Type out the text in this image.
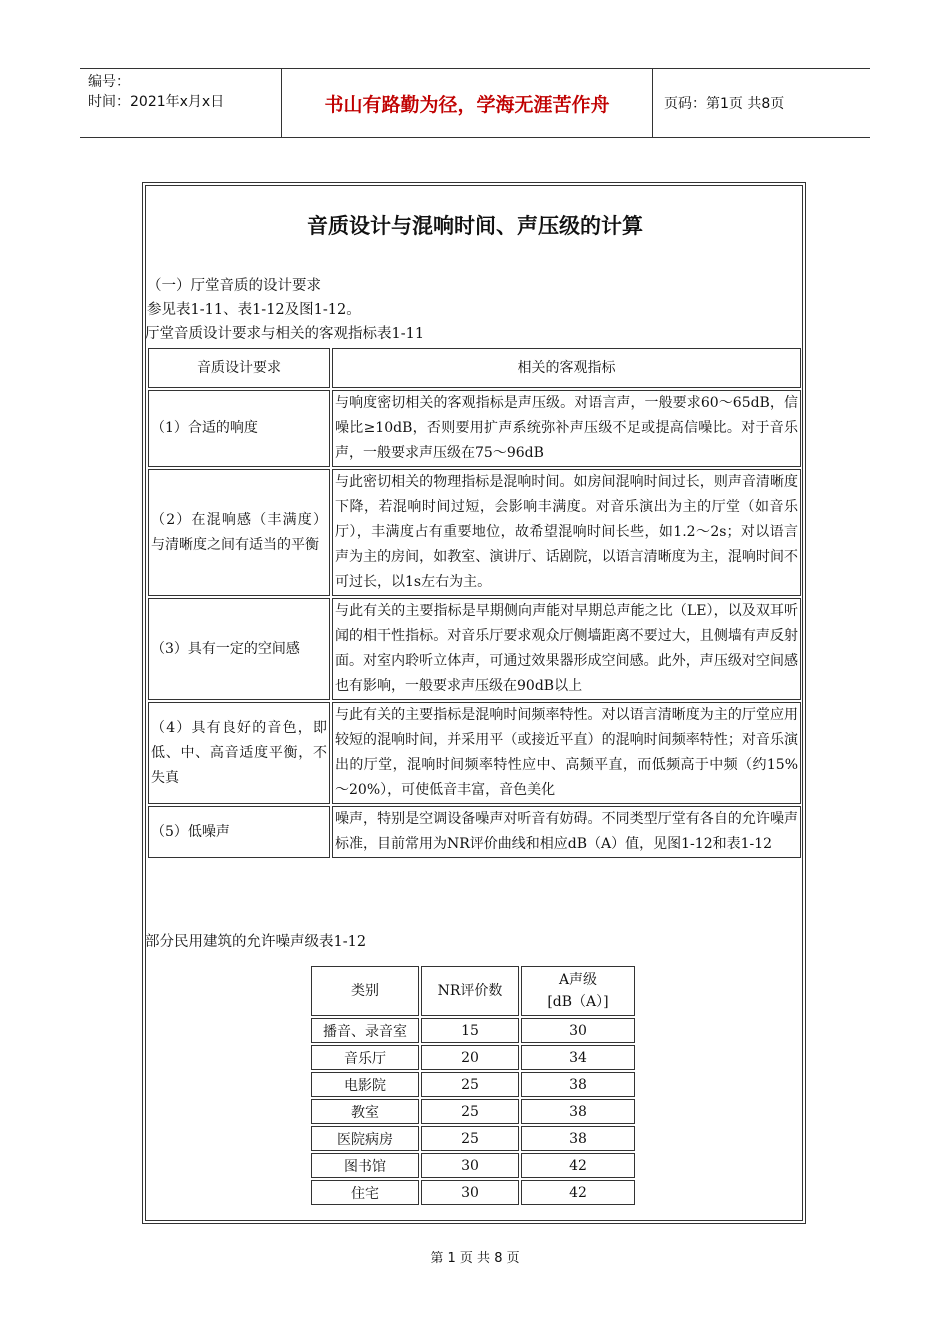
编号：
时间：2021年x月x日	书山有路勤为径，学海无涯苦作舟	页码：第1页 共8页
音质设计与混响时间、声压级的计算
（一）厅堂音质的设计要求
参见表1-11、表1-12及图1-12。
厅堂音质设计要求与相关的客观指标表1-11
音质设计要求	相关的客观指标
（1）合适的响度	与响度密切相关的客观指标是声压级。对语言声，一般要求60～65dB，信噪比≥10dB，否则要用扩声系统弥补声压级不足或提高信噪比。对于音乐声，一般要求声压级在75～96dB
（2）在混响感（丰满度）与清晰度之间有适当的平衡	与此密切相关的物理指标是混响时间。如房间混响时间过长，则声音清晰度下降，若混响时间过短，会影响丰满度。对音乐演出为主的厅堂（如音乐厅），丰满度占有重要地位，故希望混响时间长些，如1.2～2s；对以语言声为主的房间，如教室、演讲厅、话剧院，以语言清晰度为主，混响时间不可过长，以1s左右为主。
（3）具有一定的空间感	与此有关的主要指标是早期侧向声能对早期总声能之比（LE），以及双耳听闻的相干性指标。对音乐厅要求观众厅侧墙距离不要过大，且侧墙有声反射面。对室内聆听立体声，可通过效果器形成空间感。此外，声压级对空间感也有影响，一般要求声压级在90dB以上
（4）具有良好的音色，即低、中、高音适度平衡，不失真	与此有关的主要指标是混响时间频率特性。对以语言清晰度为主的厅堂应用较短的混响时间，并采用平（或接近平直）的混响时间频率特性；对音乐演出的厅堂，混响时间频率特性应中、高频平直，而低频高于中频（约15%～20%），可使低音丰富，音色美化
（5）低噪声	噪声，特别是空调设备噪声对听音有妨碍。不同类型厅堂有各自的允许噪声标准，目前常用为NR评价曲线和相应dB（A）值，见图1-12和表1-12
部分民用建筑的允许噪声级表1-12
类别	NR评价数	A声级
[dB（A）]

播音、录音室	15	30
音乐厅	20	34
电影院	25	38
教室	25	38
医院病房	25	38
图书馆	30	42
住宅	30	42
第 1 页 共 8 页
